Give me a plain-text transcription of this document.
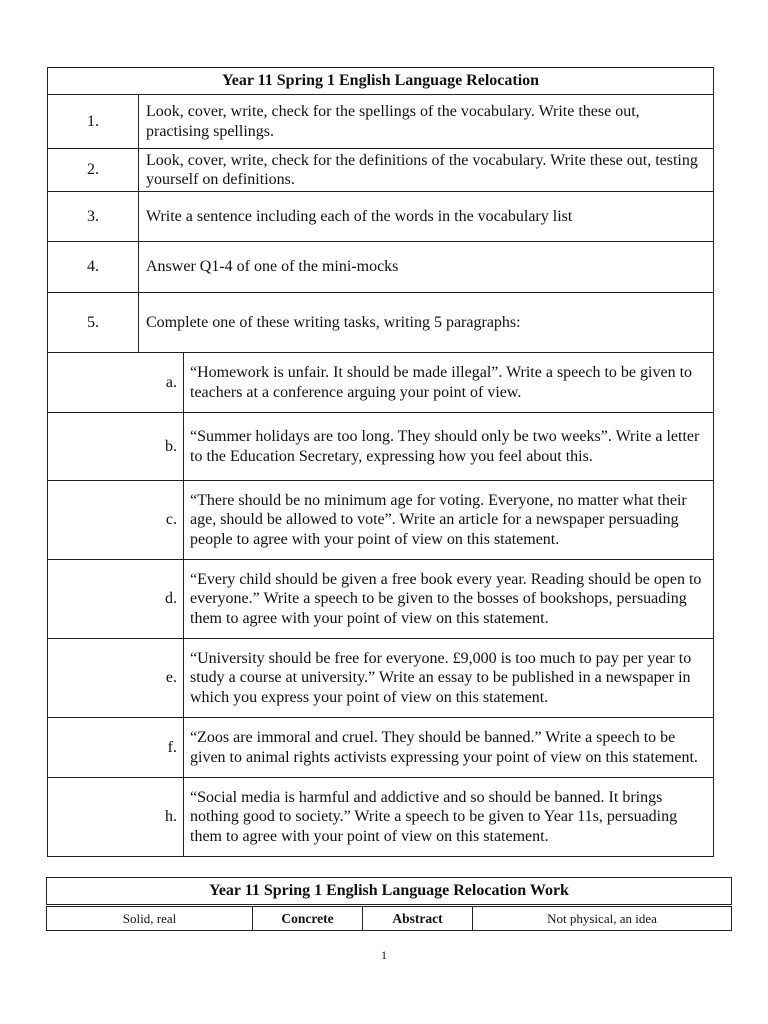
Year 11 Spring 1 English Language Relocation		
1.	Look, cover, write, check for the spellings of the vocabulary. Write these out, practising spellings.	
2.	Look, cover, write, check for the definitions of the vocabulary. Write these out, testing yourself on definitions.	
3.	Write a sentence including each of the words in the vocabulary list	
4.	Answer Q1-4 of one of the mini-mocks	
5.	Complete one of these writing tasks, writing 5 paragraphs:	
a.		“Homework is unfair. It should be made illegal”. Write a speech to be given to teachers at a conference arguing your point of view.
b.		“Summer holidays are too long. They should only be two weeks”. Write a letter to the Education Secretary, expressing how you feel about this.
c.		“There should be no minimum age for voting. Everyone, no matter what their age, should be allowed to vote”. Write an article for a newspaper persuading people to agree with your point of view on this statement.
d.		“Every child should be given a free book every year. Reading should be open to everyone.” Write a speech to be given to the bosses of bookshops, persuading them to agree with your point of view on this statement.
e.		“University should be free for everyone. £9,000 is too much to pay per year to study a course at university.” Write an essay to be published in a newspaper in which you express your point of view on this statement.
f.		“Zoos are immoral and cruel. They should be banned.” Write a speech to be given to animal rights activists expressing your point of view on this statement.
h.		“Social media is harmful and addictive and so should be banned. It brings nothing good to society.” Write a speech to be given to Year 11s, persuading them to agree with your point of view on this statement.
Year 11 Spring 1 English Language Relocation Work
Solid, real	Concrete	Abstract	Not physical, an idea
1
